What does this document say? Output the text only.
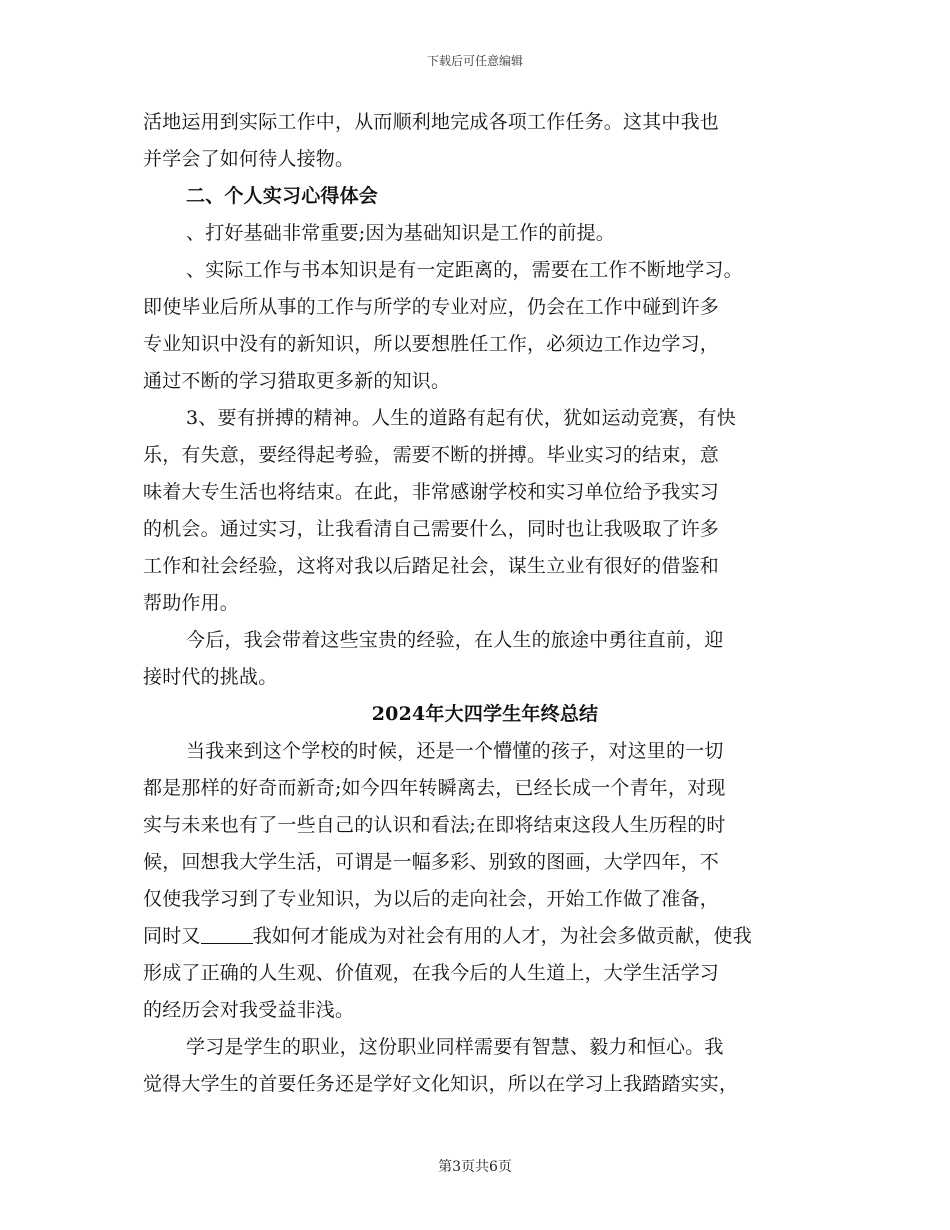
下载后可任意编辑
活地运用到实际工作中，从而顺利地完成各项工作任务。这其中我也
并学会了如何待人接物。
二、个人实习心得体会
、打好基础非常重要;因为基础知识是工作的前提。
、实际工作与书本知识是有一定距离的，需要在工作不断地学习。
即使毕业后所从事的工作与所学的专业对应，仍会在工作中碰到许多
专业知识中没有的新知识，所以要想胜任工作，必须边工作边学习，
通过不断的学习猎取更多新的知识。
3、要有拼搏的精神。人生的道路有起有伏，犹如运动竞赛，有快
乐，有失意，要经得起考验，需要不断的拼搏。毕业实习的结束，意
味着大专生活也将结束。在此，非常感谢学校和实习单位给予我实习
的机会。通过实习，让我看清自己需要什么，同时也让我吸取了许多
工作和社会经验，这将对我以后踏足社会，谋生立业有很好的借鉴和
帮助作用。
今后，我会带着这些宝贵的经验，在人生的旅途中勇往直前，迎
接时代的挑战。
2024年大四学生年终总结
当我来到这个学校的时候，还是一个懵懂的孩子，对这里的一切
都是那样的好奇而新奇;如今四年转瞬离去，已经长成一个青年，对现
实与未来也有了一些自己的认识和看法;在即将结束这段人生历程的时
候，回想我大学生活，可谓是一幅多彩、别致的图画，大学四年，不
仅使我学习到了专业知识，为以后的走向社会，开始工作做了准备，
同时又	我如何才能成为对社会有用的人才，为社会多做贡献，使我
形成了正确的人生观、价值观，在我今后的人生道上，大学生活学习
的经历会对我受益非浅。
学习是学生的职业，这份职业同样需要有智慧、毅力和恒心。我
觉得大学生的首要任务还是学好文化知识，所以在学习上我踏踏实实，
第3页共6页
